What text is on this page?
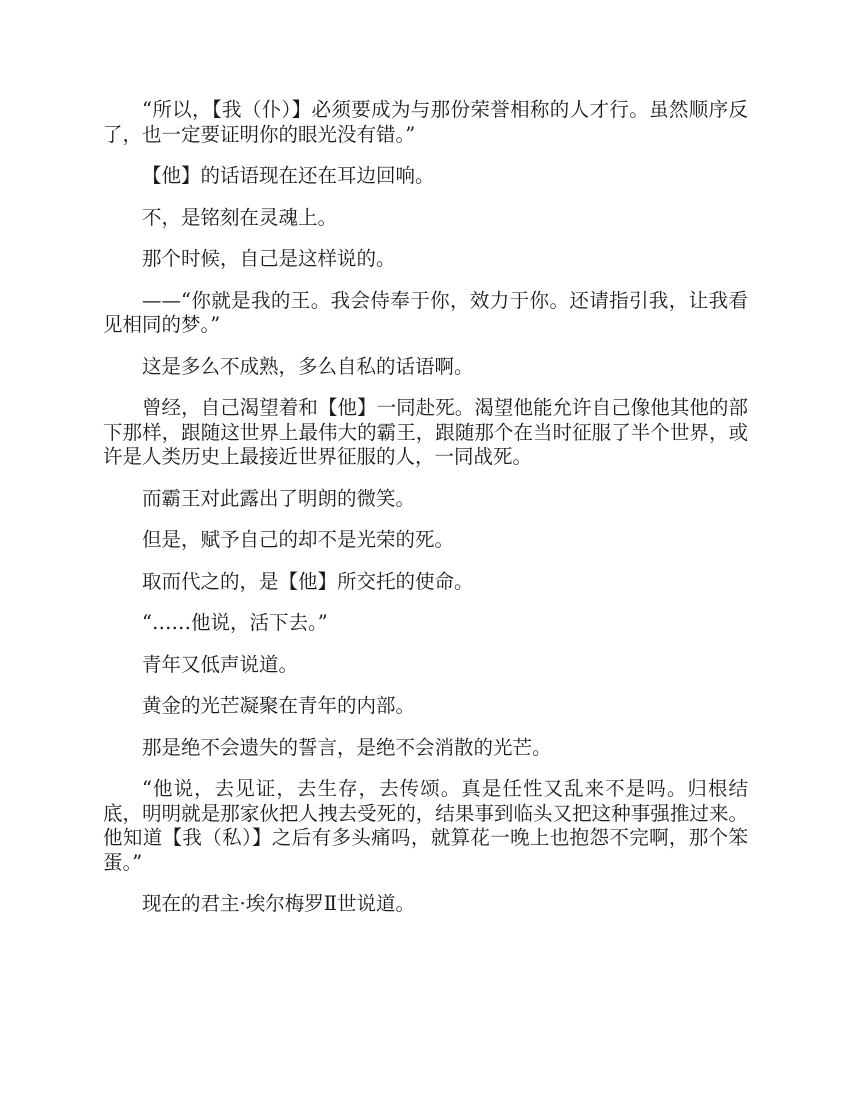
“所以，【我（仆）】必须要成为与那份荣誉相称的人才行。虽然顺序反了，也一定要证明你的眼光没有错。”

【他】的话语现在还在耳边回响。

不，是铭刻在灵魂上。

那个时候，自己是这样说的。

——“你就是我的王。我会侍奉于你，效力于你。还请指引我，让我看见相同的梦。”

这是多么不成熟，多么自私的话语啊。

曾经，自己渴望着和【他】一同赴死。渴望他能允许自己像他其他的部下那样，跟随这世界上最伟大的霸王，跟随那个在当时征服了半个世界，或许是人类历史上最接近世界征服的人，一同战死。

而霸王对此露出了明朗的微笑。

但是，赋予自己的却不是光荣的死。

取而代之的，是【他】所交托的使命。

“……他说，活下去。”

青年又低声说道。

黄金的光芒凝聚在青年的内部。

那是绝不会遗失的誓言，是绝不会消散的光芒。

“他说，去见证，去生存，去传颂。真是任性又乱来不是吗。归根结底，明明就是那家伙把人拽去受死的，结果事到临头又把这种事强推过来。他知道【我（私）】之后有多头痛吗，就算花一晚上也抱怨不完啊，那个笨蛋。”

现在的君主·埃尔梅罗Ⅱ世说道。
